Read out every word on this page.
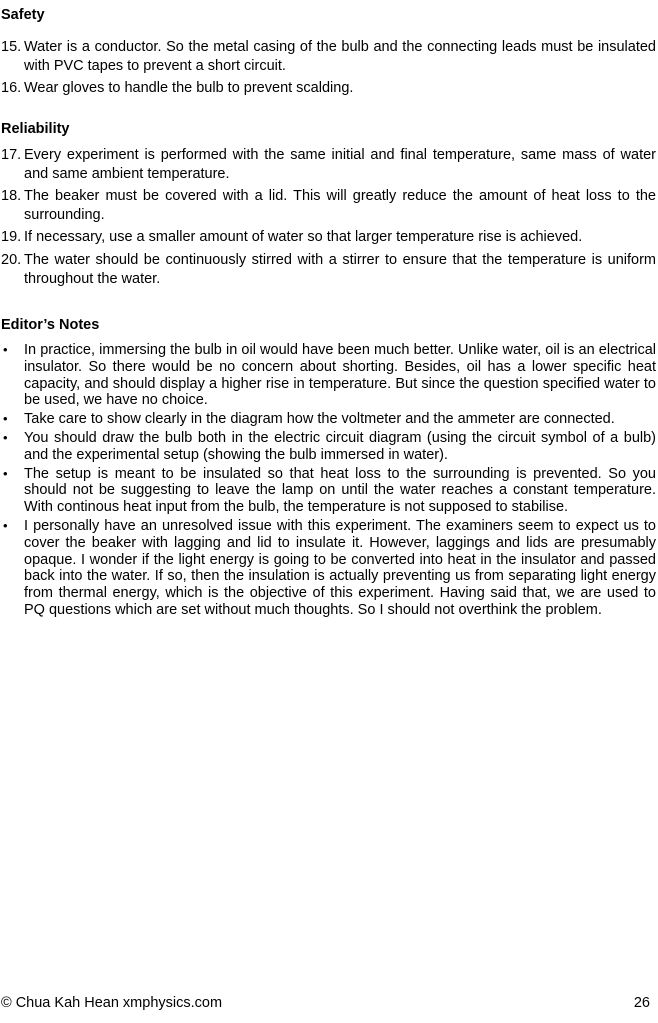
Safety
15. Water is a conductor. So the metal casing of the bulb and the connecting leads must be insulated with PVC tapes to prevent a short circuit.
16. Wear gloves to handle the bulb to prevent scalding.
Reliability
17. Every experiment is performed with the same initial and final temperature, same mass of water and same ambient temperature.
18. The beaker must be covered with a lid. This will greatly reduce the amount of heat loss to the surrounding.
19. If necessary, use a smaller amount of water so that larger temperature rise is achieved.
20. The water should be continuously stirred with a stirrer to ensure that the temperature is uniform throughout the water.
Editor’s Notes
• In practice, immersing the bulb in oil would have been much better. Unlike water, oil is an electrical insulator. So there would be no concern about shorting. Besides, oil has a lower specific heat capacity, and should display a higher rise in temperature. But since the question specified water to be used, we have no choice.
• Take care to show clearly in the diagram how the voltmeter and the ammeter are connected.
• You should draw the bulb both in the electric circuit diagram (using the circuit symbol of a bulb) and the experimental setup (showing the bulb immersed in water).
• The setup is meant to be insulated so that heat loss to the surrounding is prevented. So you should not be suggesting to leave the lamp on until the water reaches a constant temperature. With continous heat input from the bulb, the temperature is not supposed to stabilise.
• I personally have an unresolved issue with this experiment. The examiners seem to expect us to cover the beaker with lagging and lid to insulate it. However, laggings and lids are presumably opaque. I wonder if the light energy is going to be converted into heat in the insulator and passed back into the water. If so, then the insulation is actually preventing us from separating light energy from thermal energy, which is the objective of this experiment. Having said that, we are used to PQ questions which are set without much thoughts. So I should not overthink the problem.
© Chua Kah Hean xmphysics.com	26
